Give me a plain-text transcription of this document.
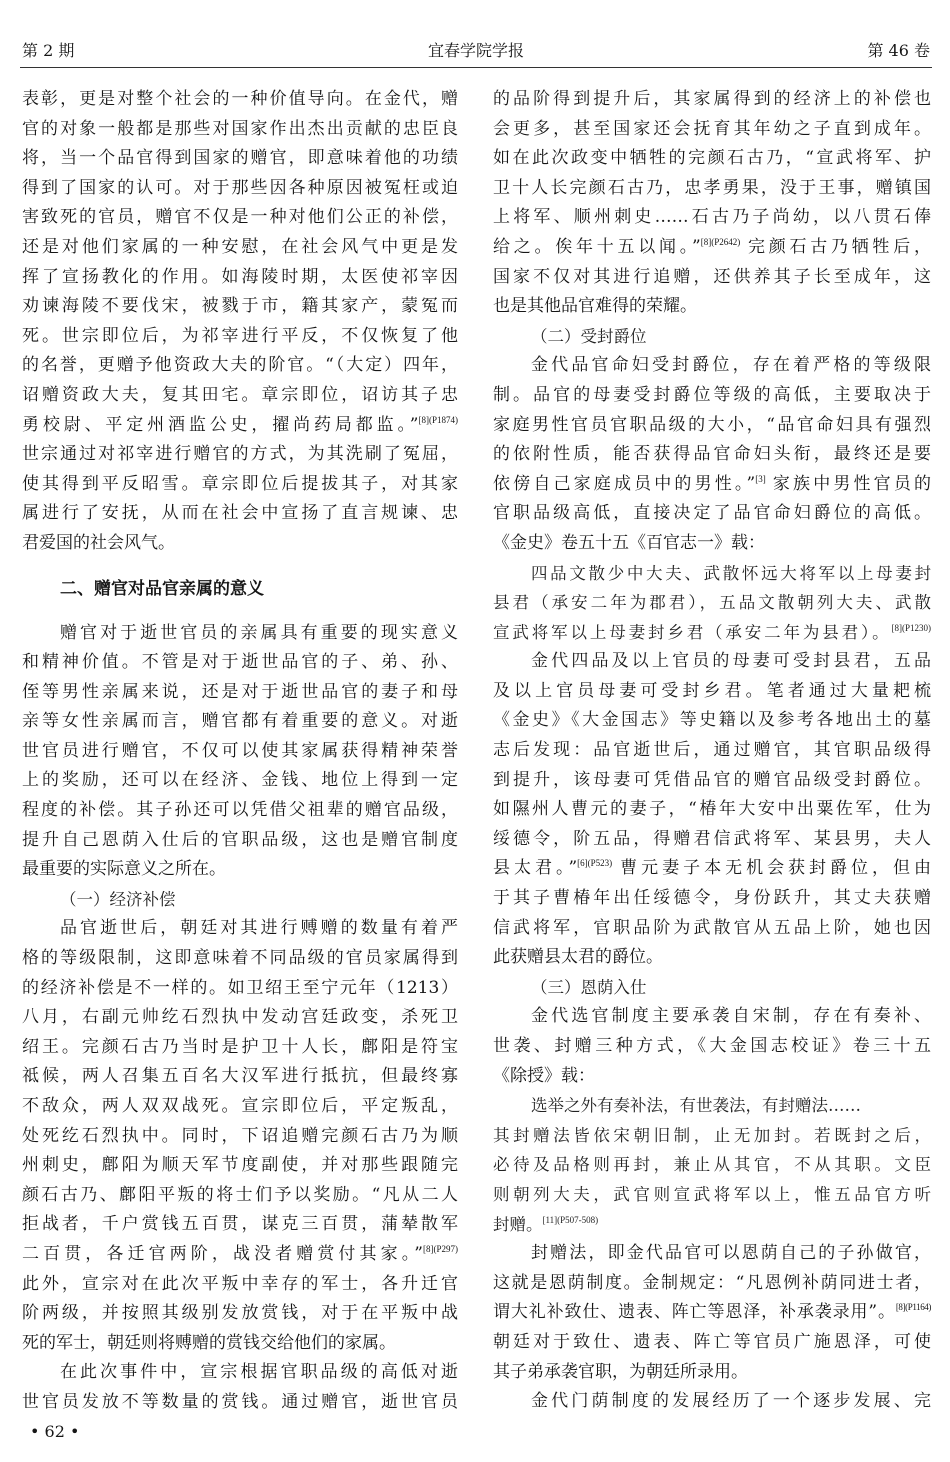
第 2 期	宜春学院学报	第 46 卷
表彰，更是对整个社会的一种价值导向。在金代，赠
官的对象一般都是那些对国家作出杰出贡献的忠臣良
将，当一个品官得到国家的赠官，即意味着他的功绩
得到了国家的认可。对于那些因各种原因被冤枉或迫
害致死的官员，赠官不仅是一种对他们公正的补偿，
还是对他们家属的一种安慰，在社会风气中更是发
挥了宣扬教化的作用。如海陵时期，太医使祁宰因
劝谏海陵不要伐宋，被戮于市，籍其家产，蒙冤而
死。世宗即位后，为祁宰进行平反，不仅恢复了他
的名誉，更赠予他资政大夫的阶官。“（大定）四年，
诏赠资政大夫，复其田宅。章宗即位，诏访其子忠
勇校尉、平定州酒监公史，擢尚药局都监。”$^{[8](P1874)}$
世宗通过对祁宰进行赠官的方式，为其洗刷了冤屈，
使其得到平反昭雪。章宗即位后提拔其子，对其家
属进行了安抚，从而在社会中宣扬了直言规谏、忠
君爱国的社会风气。
二、赠官对品官亲属的意义
赠官对于逝世官员的亲属具有重要的现实意义
和精神价值。不管是对于逝世品官的子、弟、孙、
侄等男性亲属来说，还是对于逝世品官的妻子和母
亲等女性亲属而言，赠官都有着重要的意义。对逝
世官员进行赠官，不仅可以使其家属获得精神荣誉
上的奖励，还可以在经济、金钱、地位上得到一定
程度的补偿。其子孙还可以凭借父祖辈的赠官品级，
提升自己恩荫入仕后的官职品级，这也是赠官制度
最重要的实际意义之所在。
（一）经济补偿
品官逝世后，朝廷对其进行赙赠的数量有着严
格的等级限制，这即意味着不同品级的官员家属得到
的经济补偿是不一样的。如卫绍王至宁元年（1213）
八月，右副元帅纥石烈执中发动宫廷政变，杀死卫
绍王。完颜石古乃当时是护卫十人长，鄜阳是符宝
祗候，两人召集五百名大汉军进行抵抗，但最终寡
不敌众，两人双双战死。宣宗即位后，平定叛乱，
处死纥石烈执中。同时，下诏追赠完颜石古乃为顺
州刺史，鄜阳为顺天军节度副使，并对那些跟随完
颜石古乃、鄜阳平叛的将士们予以奖励。“凡从二人
拒战者，千户赏钱五百贯，谋克三百贯，蒲辇散军
二百贯，各迁官两阶，战没者赠赏付其家。”$^{[8](P297)}$
此外，宣宗对在此次平叛中幸存的军士，各升迁官
阶两级，并按照其级别发放赏钱，对于在平叛中战
死的军士，朝廷则将赙赠的赏钱交给他们的家属。
在此次事件中，宣宗根据官职品级的高低对逝
世官员发放不等数量的赏钱。通过赠官，逝世官员
的品阶得到提升后，其家属得到的经济上的补偿也
会更多，甚至国家还会抚育其年幼之子直到成年。
如在此次政变中牺牲的完颜石古乃，“宣武将军、护
卫十人长完颜石古乃，忠孝勇果，没于王事，赠镇国
上将军、顺州刺史……石古乃子尚幼，以八贯石俸
给之。俟年十五以闻。”$^{[8](P2642)}$ 完颜石古乃牺牲后，
国家不仅对其进行追赠，还供养其子长至成年，这
也是其他品官难得的荣耀。
（二）受封爵位
金代品官命妇受封爵位，存在着严格的等级限
制。品官的母妻受封爵位等级的高低，主要取决于
家庭男性官员官职品级的大小，“品官命妇具有强烈
的依附性质，能否获得品官命妇头衔，最终还是要
依傍自己家庭成员中的男性。”[3] 家族中男性官员的
官职品级高低，直接决定了品官命妇爵位的高低。
《金史》卷五十五《百官志一》载：
四品文散少中大夫、武散怀远大将军以上母妻封
县君（承安二年为郡君），五品文散朝列大夫、武散
宣武将军以上母妻封乡君（承安二年为县君）。$^{[8](P1230)}$
金代四品及以上官员的母妻可受封县君，五品
及以上官员母妻可受封乡君。笔者通过大量耙梳
《金史》《大金国志》等史籍以及参考各地出土的墓
志后发现：品官逝世后，通过赠官，其官职品级得
到提升，该母妻可凭借品官的赠官品级受封爵位。
如隰州人曹元的妻子，“椿年大安中出粟佐军，仕为
绥德令，阶五品，得赠君信武将军、某县男，夫人
县太君。”$^{[6](P523)}$ 曹元妻子本无机会获封爵位，但由
于其子曹椿年出任绥德令，身份跃升，其丈夫获赠
信武将军，官职品阶为武散官从五品上阶，她也因
此获赠县太君的爵位。
（三）恩荫入仕
金代选官制度主要承袭自宋制，存在有奏补、
世袭、封赠三种方式，《大金国志校证》卷三十五
《除授》载：
选举之外有奏补法，有世袭法，有封赠法……
其封赠法皆依宋朝旧制，止无加封。若既封之后，
必待及品格则再封，兼止从其官，不从其职。文臣
则朝列大夫，武官则宣武将军以上，惟五品官方听
封赠。$^{[11](P507-508)}$
封赠法，即金代品官可以恩荫自己的子孙做官，
这就是恩荫制度。金制规定：“凡恩例补荫同进士者，
谓大礼补致仕、遗表、阵亡等恩泽，补承袭录用”。$^{[8](P1164)}$
朝廷对于致仕、遗表、阵亡等官员广施恩泽，可使
其子弟承袭官职，为朝廷所录用。
金代门荫制度的发展经历了一个逐步发展、完
• 62 •
